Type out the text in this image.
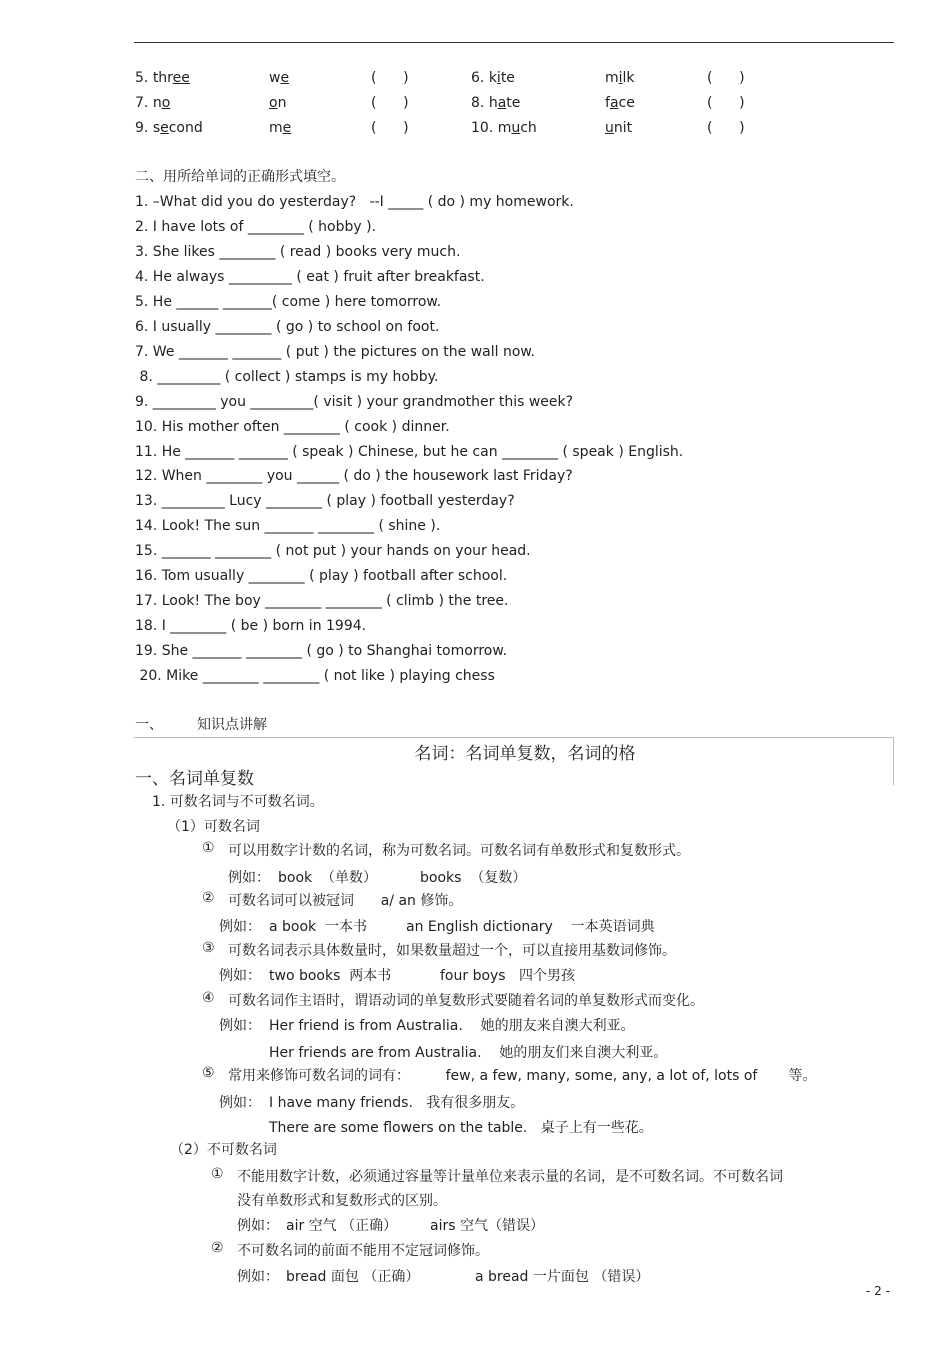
5. three	we	(      )	6. kite	milk	(      )
7. no	on	(      )	8. hate	face	(      )
9. second	me	(      )	10. much	unit	(      )
二、用所给单词的正确形式填空。
1. –What did you do yesterday?   --I _____ ( do ) my homework.
2. I have lots of ________ ( hobby ).
3. She likes ________ ( read ) books very much.
4. He always _________ ( eat ) fruit after breakfast.
5. He ______ _______( come ) here tomorrow.
6. I usually ________ ( go ) to school on foot.
7. We _______ _______ ( put ) the pictures on the wall now.
8. _________ ( collect ) stamps is my hobby.
9. _________ you _________( visit ) your grandmother this week?
10. His mother often ________ ( cook ) dinner.
11. He _______ _______ ( speak ) Chinese, but he can ________ ( speak ) English.
12. When ________ you ______ ( do ) the housework last Friday?
13. _________ Lucy ________ ( play ) football yesterday?
14. Look! The sun _______ ________ ( shine ).
15. _______ ________ ( not put ) your hands on your head.
16. Tom usually ________ ( play ) football after school.
17. Look! The boy ________ ________ ( climb ) the tree.
18. I ________ ( be ) born in 1994.
19. She _______ ________ ( go ) to Shanghai tomorrow.
20. Mike ________ ________ ( not like ) playing chess
一、 知识点讲解
名词：名词单复数，名词的格
一、名词单复数
1. 可数名词与不可数名词。
（1）可数名词
① 可以用数字计数的名词，称为可数名词。可数名词有单数形式和复数形式。
例如： book  （单数）	books  （复数）
② 可数名词可以被冠词      a/ an 修饰。
例如： a book  一本书	an English dictionary    一本英语词典
③ 可数名词表示具体数量时，如果数量超过一个，可以直接用基数词修饰。
例如： two books  两本书	four boys   四个男孩
④ 可数名词作主语时，谓语动词的单复数形式要随着名词的单复数形式而变化。
例如： Her friend is from Australia.    她的朋友来自澳大利亚。
Her friends are from Australia.    她的朋友们来自澳大利亚。
⑤ 常用来修饰可数名词的词有：        few, a few, many, some, any, a lot of, lots of       等。
例如： I have many friends.   我有很多朋友。
There are some flowers on the table.   桌子上有一些花。
（2）不可数名词
① 不能用数字计数，必须通过容量等计量单位来表示量的名词，是不可数名词。不可数名词
没有单数形式和复数形式的区别。
例如： air 空气 （正确） airs 空气（错误）
② 不可数名词的前面不能用不定冠词修饰。
例如： bread 面包 （正确）	a bread 一片面包 （错误）
- 2 -
